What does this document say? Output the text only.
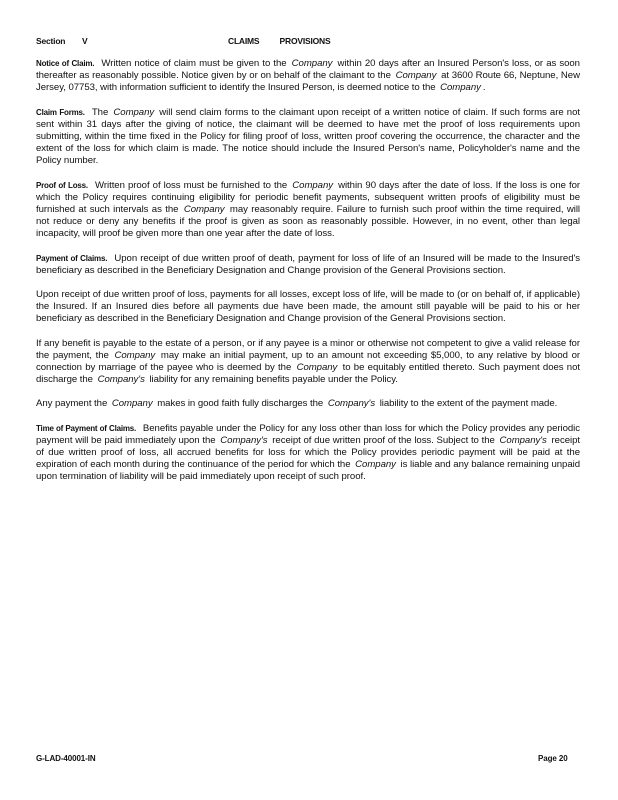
Section V	CLAIMS PROVISIONS

Notice of Claim. Written notice of claim must be given to the Company within 20 days after an Insured Person's loss, or as soon thereafter as reasonably possible. Notice given by or on behalf of the claimant to the Company at 3600 Route 66, Neptune, New Jersey, 07753, with information sufficient to identify the Insured Person, is deemed notice to the Company .

Claim Forms. The Company will send claim forms to the claimant upon receipt of a written notice of claim. If such forms are not sent within 31 days after the giving of notice, the claimant will be deemed to have met the proof of loss requirements upon submitting, within the time fixed in the Policy for filing proof of loss, written proof covering the occurrence, the character and the extent of the loss for which claim is made. The notice should include the Insured Person's name, Policyholder's name and the Policy number.

Proof of Loss. Written proof of loss must be furnished to the Company within 90 days after the date of loss. If the loss is one for which the Policy requires continuing eligibility for periodic benefit payments, subsequent written proofs of eligibility must be furnished at such intervals as the Company may reasonably require. Failure to furnish such proof within the time required, will not reduce or deny any benefits if the proof is given as soon as reasonably possible. However, in no event, other than legal incapacity, will proof be given more than one year after the date of loss.

Payment of Claims. Upon receipt of due written proof of death, payment for loss of life of an Insured will be made to the Insured's beneficiary as described in the Beneficiary Designation and Change provision of the General Provisions section.

Upon receipt of due written proof of loss, payments for all losses, except loss of life, will be made to (or on behalf of, if applicable) the Insured. If an Insured dies before all payments due have been made, the amount still payable will be paid to his or her beneficiary as described in the Beneficiary Designation and Change provision of the General Provisions section.

If any benefit is payable to the estate of a person, or if any payee is a minor or otherwise not competent to give a valid release for the payment, the Company may make an initial payment, up to an amount not exceeding $5,000, to any relative by blood or connection by marriage of the payee who is deemed by the Company to be equitably entitled thereto. Such payment does not discharge the Company's liability for any remaining benefits payable under the Policy.

Any payment the Company makes in good faith fully discharges the Company's liability to the extent of the payment made.

Time of Payment of Claims. Benefits payable under the Policy for any loss other than loss for which the Policy provides any periodic payment will be paid immediately upon the Company's receipt of due written proof of the loss. Subject to the Company's receipt of due written proof of loss, all accrued benefits for loss for which the Policy provides periodic payment will be paid at the expiration of each month during the continuance of the period for which the Company is liable and any balance remaining unpaid upon termination of liability will be paid immediately upon receipt of such proof.

G-LAD-40001-IN	Page 20
